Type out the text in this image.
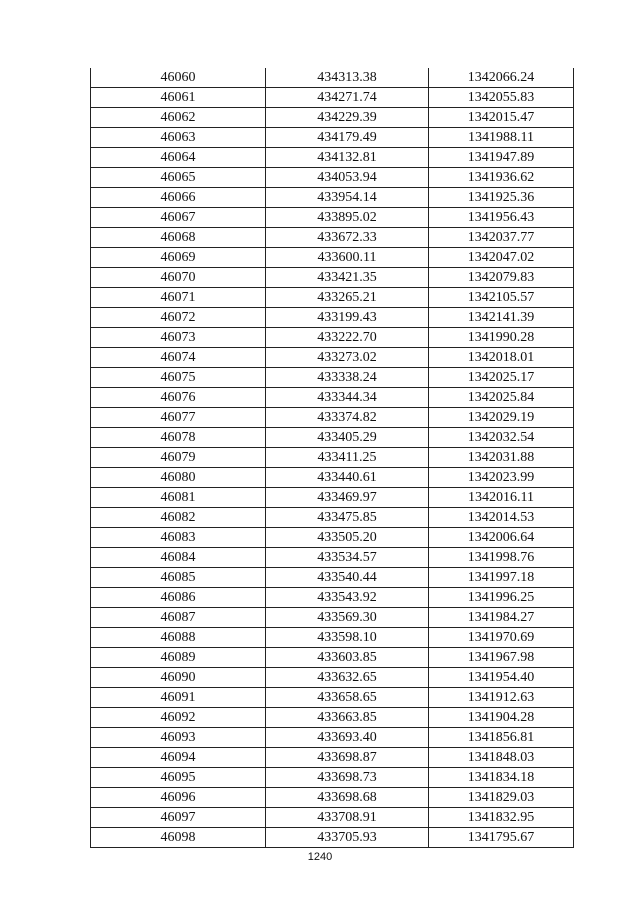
46060	434313.38	1342066.24
46061	434271.74	1342055.83
46062	434229.39	1342015.47
46063	434179.49	1341988.11
46064	434132.81	1341947.89
46065	434053.94	1341936.62
46066	433954.14	1341925.36
46067	433895.02	1341956.43
46068	433672.33	1342037.77
46069	433600.11	1342047.02
46070	433421.35	1342079.83
46071	433265.21	1342105.57
46072	433199.43	1342141.39
46073	433222.70	1341990.28
46074	433273.02	1342018.01
46075	433338.24	1342025.17
46076	433344.34	1342025.84
46077	433374.82	1342029.19
46078	433405.29	1342032.54
46079	433411.25	1342031.88
46080	433440.61	1342023.99
46081	433469.97	1342016.11
46082	433475.85	1342014.53
46083	433505.20	1342006.64
46084	433534.57	1341998.76
46085	433540.44	1341997.18
46086	433543.92	1341996.25
46087	433569.30	1341984.27
46088	433598.10	1341970.69
46089	433603.85	1341967.98
46090	433632.65	1341954.40
46091	433658.65	1341912.63
46092	433663.85	1341904.28
46093	433693.40	1341856.81
46094	433698.87	1341848.03
46095	433698.73	1341834.18
46096	433698.68	1341829.03
46097	433708.91	1341832.95
46098	433705.93	1341795.67
1240
